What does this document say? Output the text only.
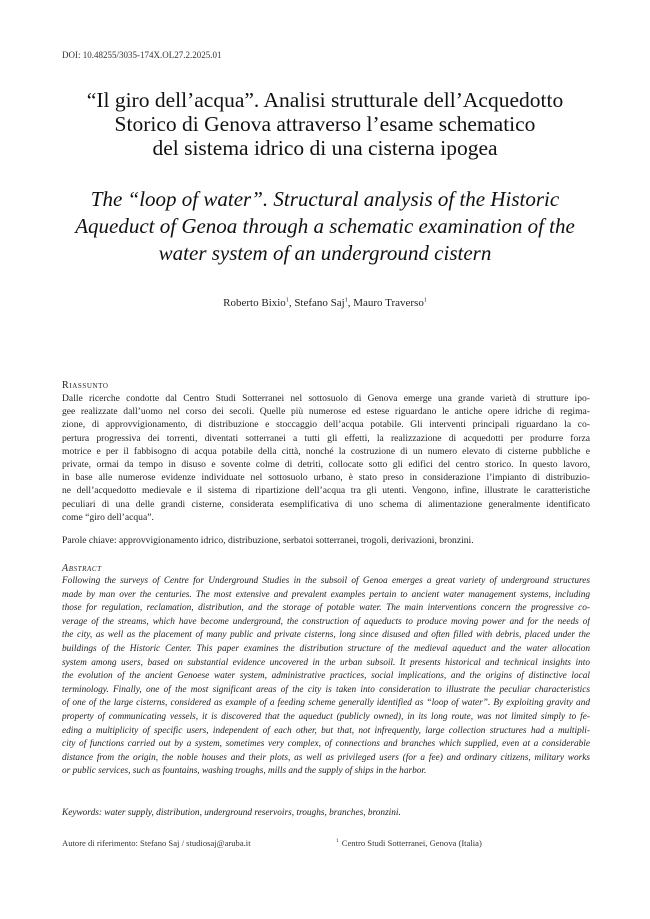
DOI: 10.48255/3035-174X.OL27.2.2025.01
“Il giro dell’acqua”. Analisi strutturale dell’Acquedotto
Storico di Genova attraverso l’esame schematico
del sistema idrico di una cisterna ipogea
The “loop of water”. Structural analysis of the Historic
Aqueduct of Genoa through a schematic examination of the
water system of an underground cistern
Roberto Bixio$^1$, Stefano Saj$^1$, Mauro Traverso$^1$
Riassunto
Dalle ricerche condotte dal Centro Studi Sotterranei nel sottosuolo di Genova emerge una grande varietà di strutture ipo-
gee realizzate dall’uomo nel corso dei secoli. Quelle più numerose ed estese riguardano le antiche opere idriche di regima-
zione, di approvvigionamento, di distribuzione e stoccaggio dell’acqua potabile. Gli interventi principali riguardano la co-
pertura progressiva dei torrenti, diventati sotterranei a tutti gli effetti, la realizzazione di acquedotti per produrre forza
motrice e per il fabbisogno di acqua potabile della città, nonché la costruzione di un numero elevato di cisterne pubbliche e
private, ormai da tempo in disuso e sovente colme di detriti, collocate sotto gli edifici del centro storico. In questo lavoro,
in base alle numerose evidenze individuate nel sottosuolo urbano, è stato preso in considerazione l’impianto di distribuzio-
ne dell’acquedotto medievale e il sistema di ripartizione dell’acqua tra gli utenti. Vengono, infine, illustrate le caratteristiche
peculiari di una delle grandi cisterne, considerata esemplificativa di uno schema di alimentazione generalmente identificato
come “giro dell’acqua”.
Parole chiave: approvvigionamento idrico, distribuzione, serbatoi sotterranei, trogoli, derivazioni, bronzini.
Abstract
Following the surveys of Centre for Underground Studies in the subsoil of Genoa emerges a great variety of underground structures
made by man over the centuries. The most extensive and prevalent examples pertain to ancient water management systems, including
those for regulation, reclamation, distribution, and the storage of potable water. The main interventions concern the progressive co-
verage of the streams, which have become underground, the construction of aqueducts to produce moving power and for the needs of
the city, as well as the placement of many public and private cisterns, long since disused and often filled with debris, placed under the
buildings of the Historic Center. This paper examines the distribution structure of the medieval aqueduct and the water allocation
system among users, based on substantial evidence uncovered in the urban subsoil. It presents historical and technical insights into
the evolution of the ancient Genoese water system, administrative practices, social implications, and the origins of distinctive local
terminology. Finally, one of the most significant areas of the city is taken into consideration to illustrate the peculiar characteristics
of one of the large cisterns, considered as example of a feeding scheme generally identified as “loop of water”. By exploiting gravity and
property of communicating vessels, it is discovered that the aqueduct (publicly owned), in its long route, was not limited simply to fe-
eding a multiplicity of specific users, independent of each other, but that, not infrequently, large collection structures had a multipli-
city of functions carried out by a system, sometimes very complex, of connections and branches which supplied, even at a considerable
distance from the origin, the noble houses and their plots, as well as privileged users (for a fee) and ordinary citizens, military works
or public services, such as fountains, washing troughs, mills and the supply of ships in the harbor.
Keywords: water supply, distribution, underground reservoirs, troughs, branches, bronzini.
Autore di riferimento: Stefano Saj / studiosaj@aruba.it	$^1$ Centro Studi Sotterranei, Genova (Italia)
